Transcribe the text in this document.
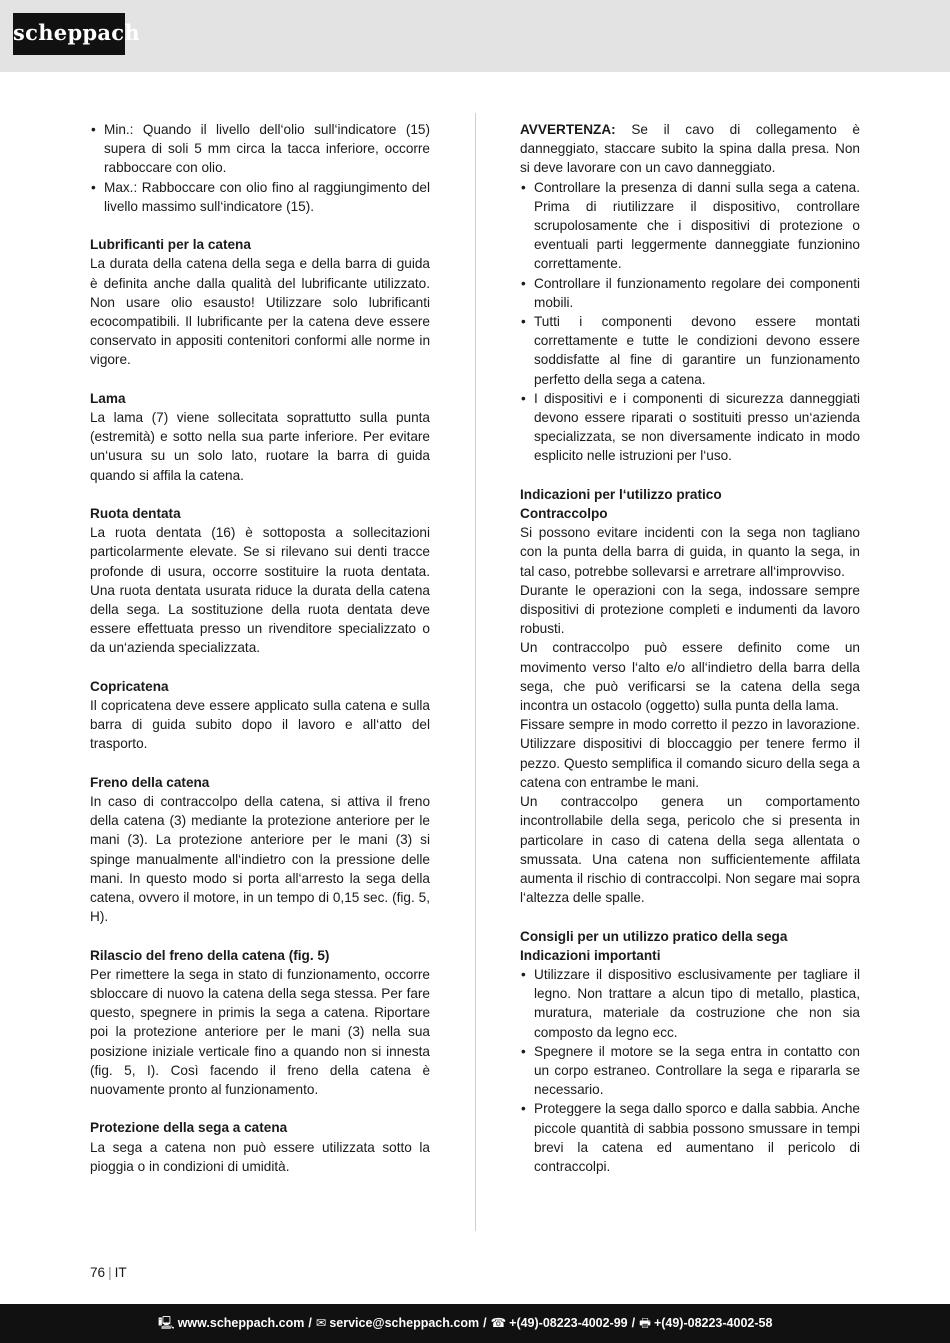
scheppach
• Min.: Quando il livello dell‘olio sull‘indicatore (15) supera di soli 5 mm circa la tacca inferiore, occorre rabboccare con olio.
• Max.: Rabboccare con olio fino al raggiungimento del livello massimo sull‘indicatore (15).
Lubrificanti per la catena

La durata della catena della sega e della barra di guida è definita anche dalla qualità del lubrificante utilizzato. Non usare olio esausto! Utilizzare solo lubrificanti ecocompatibili. Il lubrificante per la catena deve essere conservato in appositi contenitori conformi alle norme in vigore.

Lama

La lama (7) viene sollecitata soprattutto sulla punta (estremità) e sotto nella sua parte inferiore. Per evitare un‘usura su un solo lato, ruotare la barra di guida quando si affila la catena.

Ruota dentata

La ruota dentata (16) è sottoposta a sollecitazioni particolarmente elevate. Se si rilevano sui denti tracce profonde di usura, occorre sostituire la ruota dentata. Una ruota dentata usurata riduce la durata della catena della sega. La sostituzione della ruota dentata deve essere effettuata presso un rivenditore specializzato o da un‘azienda specializzata.

Copricatena

Il copricatena deve essere applicato sulla catena e sulla barra di guida subito dopo il lavoro e all‘atto del trasporto.

Freno della catena

In caso di contraccolpo della catena, si attiva il freno della catena (3) mediante la protezione anteriore per le mani (3). La protezione anteriore per le mani (3) si spinge manualmente all‘indietro con la pressione delle mani. In questo modo si porta all‘arresto la sega della catena, ovvero il motore, in un tempo di 0,15 sec. (fig. 5, H).

Rilascio del freno della catena (fig. 5)

Per rimettere la sega in stato di funzionamento, occorre sbloccare di nuovo la catena della sega stessa. Per fare questo, spegnere in primis la sega a catena. Riportare poi la protezione anteriore per le mani (3) nella sua posizione iniziale verticale fino a quando non si innesta (fig. 5, I). Così facendo il freno della catena è nuovamente pronto al funzionamento.

Protezione della sega a catena

La sega a catena non può essere utilizzata sotto la pioggia o in condizioni di umidità.

AVVERTENZA: Se il cavo di collegamento è danneggiato, staccare subito la spina dalla presa. Non si deve lavorare con un cavo danneggiato.

• Controllare la presenza di danni sulla sega a catena. Prima di riutilizzare il dispositivo, controllare scrupolosamente che i dispositivi di protezione o eventuali parti leggermente danneggiate funzionino correttamente.
• Controllare il funzionamento regolare dei componenti mobili.
• Tutti i componenti devono essere montati correttamente e tutte le condizioni devono essere soddisfatte al fine di garantire un funzionamento perfetto della sega a catena.
• I dispositivi e i componenti di sicurezza danneggiati devono essere riparati o sostituiti presso un‘azienda specializzata, se non diversamente indicato in modo esplicito nelle istruzioni per l‘uso.
Indicazioni per l‘utilizzo pratico
Contraccolpo

Si possono evitare incidenti con la sega non tagliano con la punta della barra di guida, in quanto la sega, in tal caso, potrebbe sollevarsi e arretrare all‘improvviso.

Durante le operazioni con la sega, indossare sempre dispositivi di protezione completi e indumenti da lavoro robusti.

Un contraccolpo può essere definito come un movimento verso l‘alto e/o all‘indietro della barra della sega, che può verificarsi se la catena della sega incontra un ostacolo (oggetto) sulla punta della lama.

Fissare sempre in modo corretto il pezzo in lavorazione. Utilizzare dispositivi di bloccaggio per tenere fermo il pezzo. Questo semplifica il comando sicuro della sega a catena con entrambe le mani.

Un contraccolpo genera un comportamento incontrollabile della sega, pericolo che si presenta in particolare in caso di catena della sega allentata o smussata. Una catena non sufficientemente affilata aumenta il rischio di contraccolpi. Non segare mai sopra l‘altezza delle spalle.

Consigli per un utilizzo pratico della sega
Indicazioni importanti
• Utilizzare il dispositivo esclusivamente per tagliare il legno. Non trattare a alcun tipo di metallo, plastica, muratura, materiale da costruzione che non sia composto da legno ecc.
• Spegnere il motore se la sega entra in contatto con un corpo estraneo. Controllare la sega e ripararla se necessario.
• Proteggere la sega dallo sporco e dalla sabbia. Anche piccole quantità di sabbia possono smussare in tempi brevi la catena ed aumentano il pericolo di contraccolpi.
76 | IT
🖳 www.scheppach.com / ✉ service@scheppach.com / ☎ +(49)-08223-4002-99 / 🖶 +(49)-08223-4002-58
